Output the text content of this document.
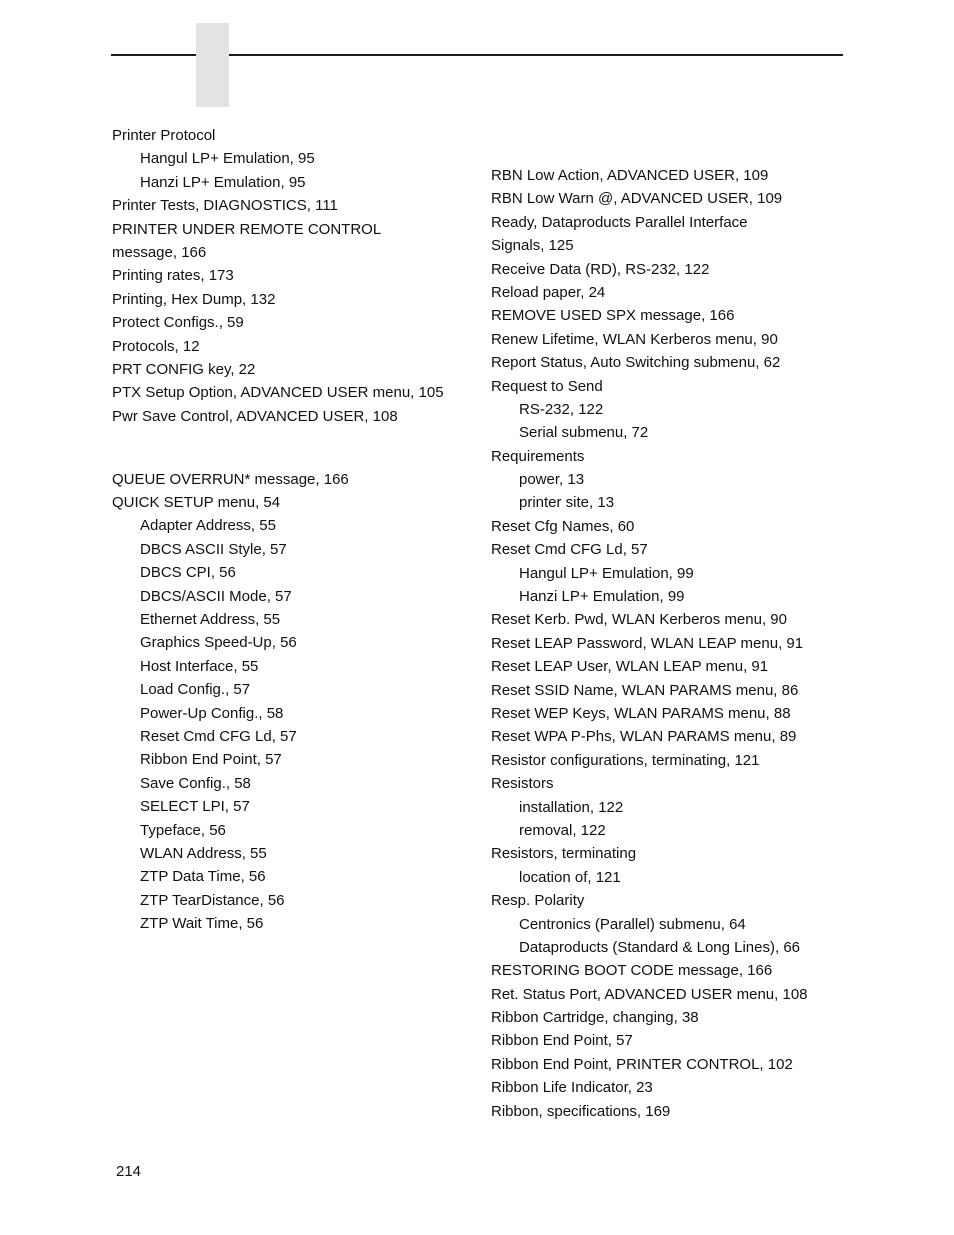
Printer Protocol
Hangul LP+ Emulation, 95
Hanzi LP+ Emulation, 95
Printer Tests, DIAGNOSTICS, 111
PRINTER UNDER REMOTE CONTROL
message, 166
Printing rates, 173
Printing, Hex Dump, 132
Protect Configs., 59
Protocols, 12
PRT CONFIG key, 22
PTX Setup Option, ADVANCED USER menu, 105
Pwr Save Control, ADVANCED USER, 108
QUEUE OVERRUN* message, 166
QUICK SETUP menu, 54
Adapter Address, 55
DBCS ASCII Style, 57
DBCS CPI, 56
DBCS/ASCII Mode, 57
Ethernet Address, 55
Graphics Speed-Up, 56
Host Interface, 55
Load Config., 57
Power-Up Config., 58
Reset Cmd CFG Ld, 57
Ribbon End Point, 57
Save Config., 58
SELECT LPI, 57
Typeface, 56
WLAN Address, 55
ZTP Data Time, 56
ZTP TearDistance, 56
ZTP Wait Time, 56
RBN Low Action, ADVANCED USER, 109
RBN Low Warn @, ADVANCED USER, 109
Ready, Dataproducts Parallel Interface
Signals, 125
Receive Data (RD), RS-232, 122
Reload paper, 24
REMOVE USED SPX message, 166
Renew Lifetime, WLAN Kerberos menu, 90
Report Status, Auto Switching submenu, 62
Request to Send
RS-232, 122
Serial submenu, 72
Requirements
power, 13
printer site, 13
Reset Cfg Names, 60
Reset Cmd CFG Ld, 57
Hangul LP+ Emulation, 99
Hanzi LP+ Emulation, 99
Reset Kerb. Pwd, WLAN Kerberos menu, 90
Reset LEAP Password, WLAN LEAP menu, 91
Reset LEAP User, WLAN LEAP menu, 91
Reset SSID Name, WLAN PARAMS menu, 86
Reset WEP Keys, WLAN PARAMS menu, 88
Reset WPA P-Phs, WLAN PARAMS menu, 89
Resistor configurations, terminating, 121
Resistors
installation, 122
removal, 122
Resistors, terminating
location of, 121
Resp. Polarity
Centronics (Parallel) submenu, 64
Dataproducts (Standard & Long Lines), 66
RESTORING BOOT CODE message, 166
Ret. Status Port, ADVANCED USER menu, 108
Ribbon Cartridge, changing, 38
Ribbon End Point, 57
Ribbon End Point, PRINTER CONTROL, 102
Ribbon Life Indicator, 23
Ribbon, specifications, 169
214
